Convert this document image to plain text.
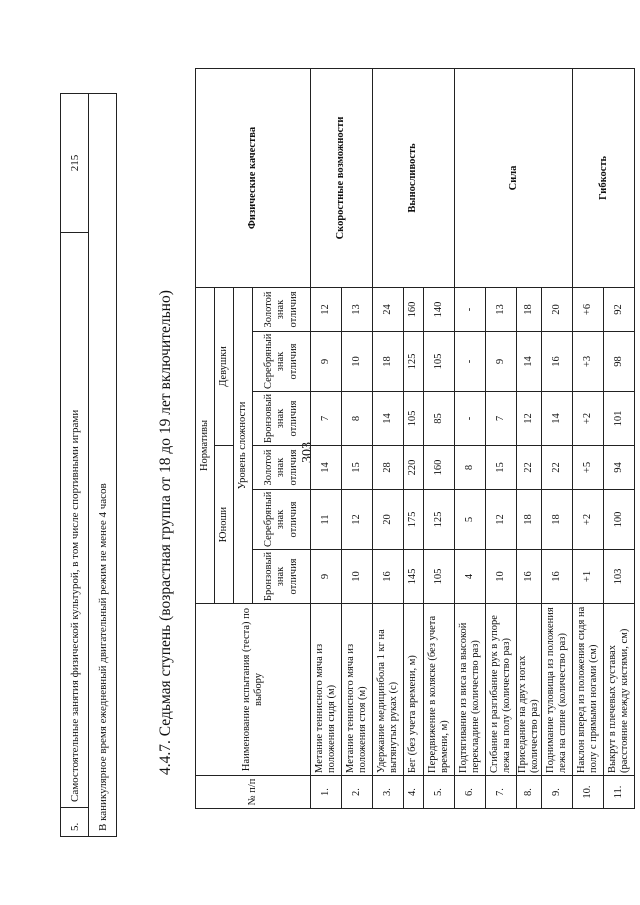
303
5.	Самостоятельные занятия физической культурой, в том числе спортивными играми	215
В каникулярное время ежедневный двигательный режим не менее 4 часов	4.4.7. Седьмая ступень (возрастная группа от 18 до 19 лет включительно)
№ п/п	Наименование испытания (теста) по выбору	Нормативы						Физические качества
		Юноши			Девушки			
		Уровень сложности						
		Бронзовый знак отличия	Серебряный знак отличия	Золотой знак отличия	Бронзовый знак отличия	Серебряный знак отличия	Золотой знак отличия	
1.	Метание теннисного мяча из положения сидя (м)	9	11	14	7	9	12	Скоростные возможности
2.	Метание теннисного мяча из положения стоя (м)	10	12	15	8	10	13	
3.	Удержание медицинбола 1 кг на вытянутых руках (с)	16	20	28	14	18	24	Выносливость
4.	Бег (без учета времени, м)	145	175	220	105	125	160	
5.	Передвижение в коляске (без учета времени, м)	105	125	160	85	105	140	
6.	Подтягивание из виса на высокой перекладине (количество раз)	4	5	8	-	-	-	Сила
7.	Сгибание и разгибание рук в упоре лежа на полу (количество раз)	10	12	15	7	9	13	
8.	Приседание на двух ногах (количество раз)	16	18	22	12	14	18	
9.	Поднимание туловища из положения лежа на спине (количество раз)	16	18	22	14	16	20	
10.	Наклон вперед из положения сидя на полу с прямыми ногами (см)	+1	+2	+5	+2	+3	+6	Гибкость
11.	Выкрут в плечевых суставах (расстояние между кистями, см)	103	100	94	101	98	92	
